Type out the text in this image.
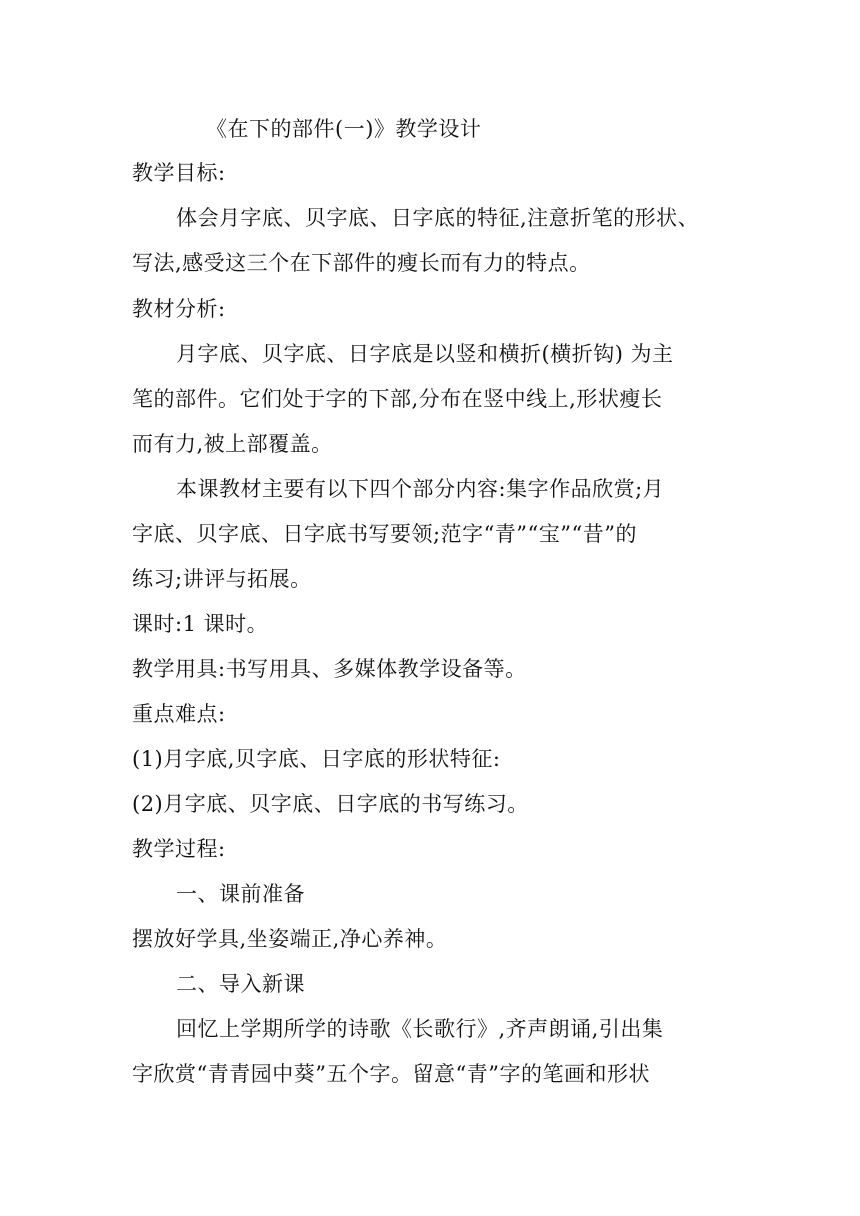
《在下的部件(一)》教学设计
教学目标:
体会月字底、贝字底、日字底的特征,注意折笔的形状、
写法,感受这三个在下部件的瘦长而有力的特点。
教材分析:
月字底、贝字底、日字底是以竖和横折(横折钩) 为主
笔的部件。它们处于字的下部,分布在竖中线上,形状瘦长
而有力,被上部覆盖。
本课教材主要有以下四个部分内容:集字作品欣赏;月
字底、贝字底、日字底书写要领;范字“青”“宝”“昔”的
练习;讲评与拓展。
课时:1 课时。
教学用具:书写用具、多媒体教学设备等。
重点难点:
(1)月字底,贝字底、日字底的形状特征:
(2)月字底、贝字底、日字底的书写练习。
教学过程:
一、课前准备
摆放好学具,坐姿端正,净心养神。
二、导入新课
回忆上学期所学的诗歌《长歌行》,齐声朗诵,引出集
字欣赏“青青园中葵”五个字。留意“青”字的笔画和形状
